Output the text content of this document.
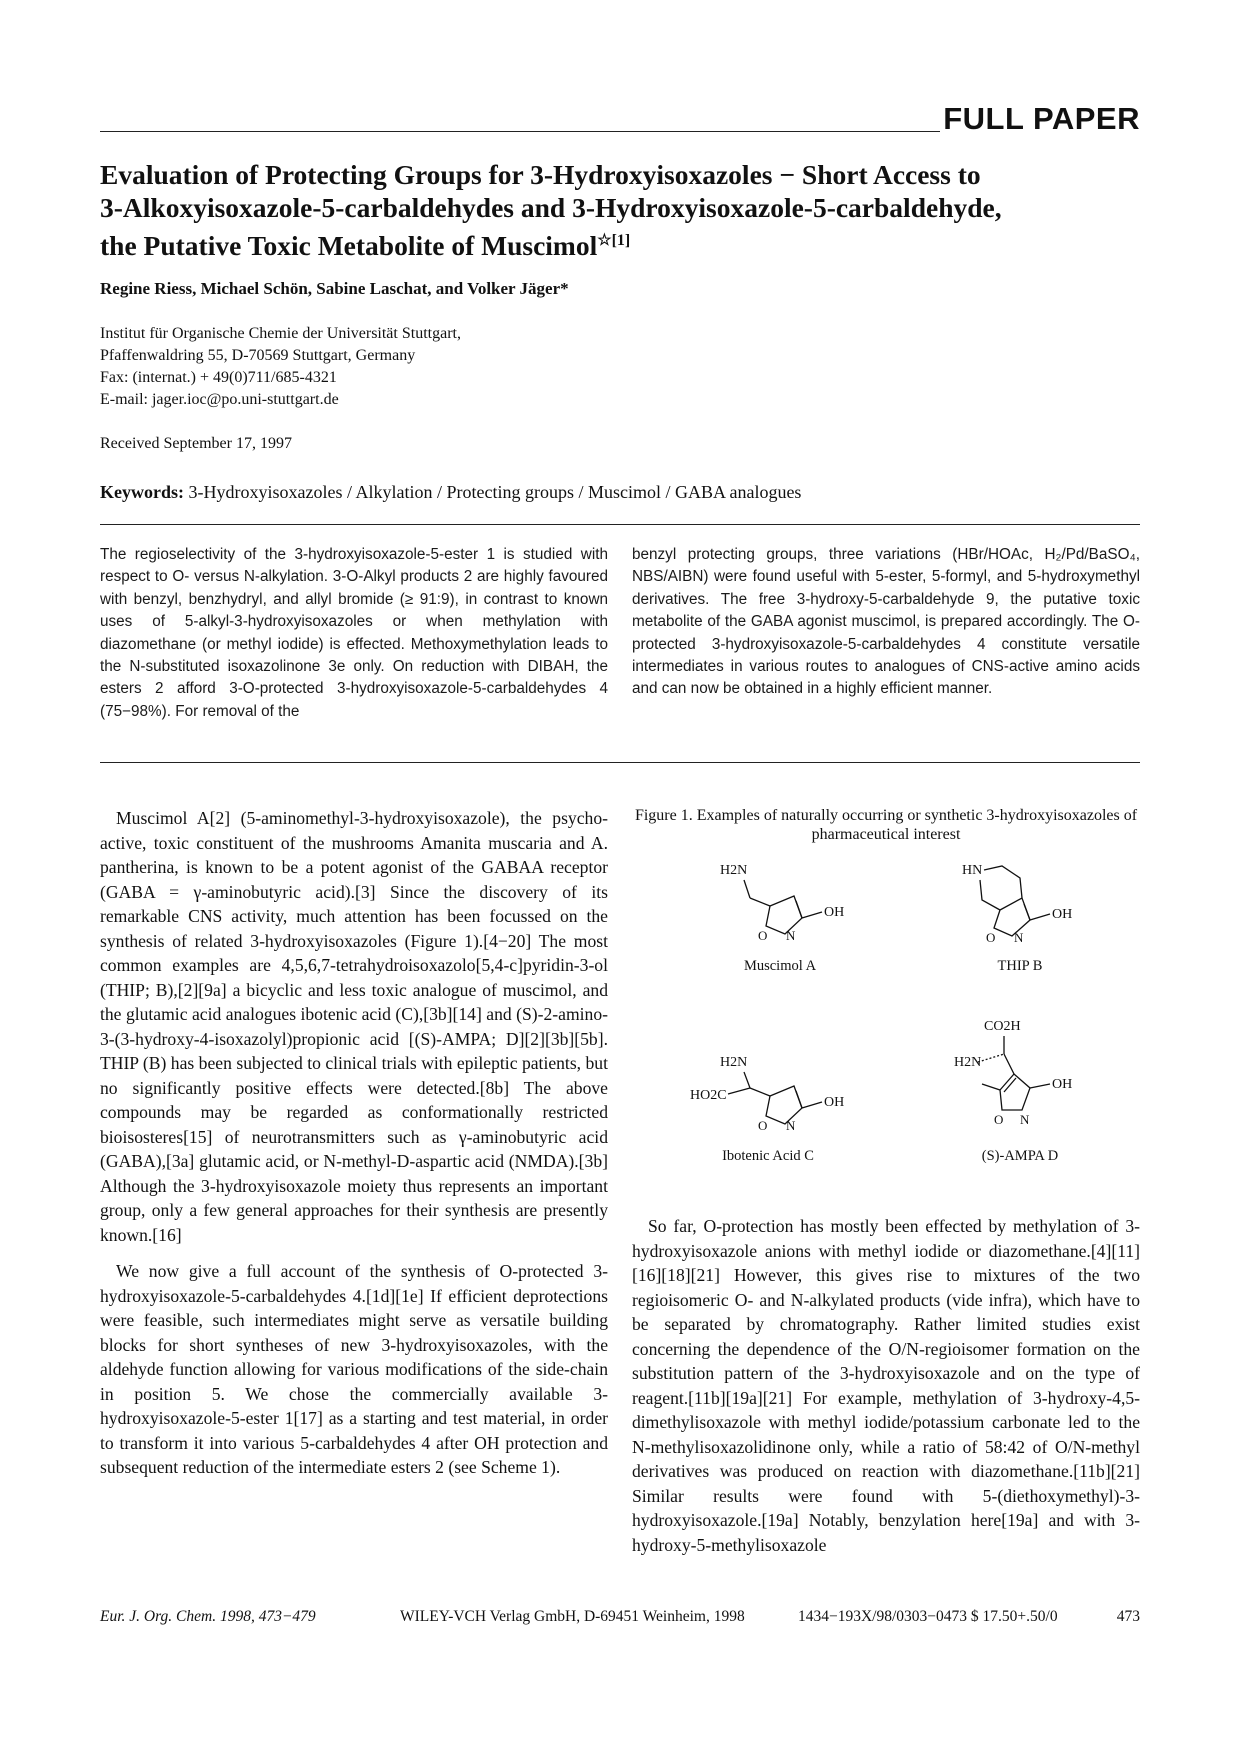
FULL PAPER
Evaluation of Protecting Groups for 3-Hydroxyisoxazoles − Short Access to
3-Alkoxyisoxazole-5-carbaldehydes and 3-Hydroxyisoxazole-5-carbaldehyde,
the Putative Toxic Metabolite of Muscimol$^{☆[1]}$
Regine Riess, Michael Schön, Sabine Laschat, and Volker Jäger*
Institut für Organische Chemie der Universität Stuttgart,
Pfaffenwaldring 55, D-70569 Stuttgart, Germany
Fax: (internat.) + 49(0)711/685-4321
E-mail: jager.ioc@po.uni-stuttgart.de
Received September 17, 1997
Keywords: 3-Hydroxyisoxazoles / Alkylation / Protecting groups / Muscimol / GABA analogues
The regioselectivity of the 3-hydroxyisoxazole-5-ester 1 is studied with respect to O- versus N-alkylation. 3-O-Alkyl products 2 are highly favoured with benzyl, benzhydryl, and allyl bromide (≥ 91:9), in contrast to known uses of 5-alkyl-3-hydroxyisoxazoles or when methylation with diazomethane (or methyl iodide) is effected. Methoxymethylation leads to the N-substituted isoxazolinone 3e only. On reduction with DIBAH, the esters 2 afford 3-O-protected 3-hydroxyisoxazole-5-carbaldehydes 4 (75−98%). For removal of the
benzyl protecting groups, three variations (HBr/HOAc, H₂/Pd/BaSO₄, NBS/AIBN) were found useful with 5-ester, 5-formyl, and 5-hydroxymethyl derivatives. The free 3-hydroxy-5-carbaldehyde 9, the putative toxic metabolite of the GABA agonist muscimol, is prepared accordingly. The O-protected 3-hydroxyisoxazole-5-carbaldehydes 4 constitute versatile intermediates in various routes to analogues of CNS-active amino acids and can now be obtained in a highly efficient manner.

Muscimol A[2] (5-aminomethyl-3-hydroxyisoxazole), the psycho-active, toxic constituent of the mushrooms Amanita muscaria and A. pantherina, is known to be a potent agonist of the GABAA receptor (GABA = γ-aminobutyric acid).[3] Since the discovery of its remarkable CNS activity, much attention has been focussed on the synthesis of related 3-hydroxyisoxazoles (Figure 1).[4−20] The most common examples are 4,5,6,7-tetrahydroisoxazolo[5,4-c]pyridin-3-ol (THIP; B),[2][9a] a bicyclic and less toxic analogue of muscimol, and the glutamic acid analogues ibotenic acid (C),[3b][14] and (S)-2-amino-3-(3-hydroxy-4-isoxazolyl)propionic acid [(S)-AMPA; D][2][3b][5b]. THIP (B) has been subjected to clinical trials with epileptic patients, but no significantly positive effects were detected.[8b] The above compounds may be regarded as conformationally restricted bioisosteres[15] of neurotransmitters such as γ-aminobutyric acid (GABA),[3a] glutamic acid, or N-methyl-D-aspartic acid (NMDA).[3b] Although the 3-hydroxyisoxazole moiety thus represents an important group, only a few general approaches for their synthesis are presently known.[16]

We now give a full account of the synthesis of O-protected 3-hydroxyisoxazole-5-carbaldehydes 4.[1d][1e] If efficient deprotections were feasible, such intermediates might serve as versatile building blocks for short syntheses of new 3-hydroxyisoxazoles, with the aldehyde function allowing for various modifications of the side-chain in position 5. We chose the commercially available 3-hydroxyisoxazole-5-ester 1[17] as a starting and test material, in order to transform it into various 5-carbaldehydes 4 after OH protection and subsequent reduction of the intermediate esters 2 (see Scheme 1).

Figure 1. Examples of naturally occurring or synthetic 3-hydroxyisoxazoles of pharmaceutical interest
H2N
OH
O N
HN
OH
O N
H2N
HO2C	OH
O N
CO2H
H2N
OH
O N
Muscimol A	THIP B
Ibotenic Acid C	(S)-AMPA D

So far, O-protection has mostly been effected by methylation of 3-hydroxyisoxazole anions with methyl iodide or diazomethane.[4][11][16][18][21] However, this gives rise to mixtures of the two regioisomeric O- and N-alkylated products (vide infra), which have to be separated by chromatography. Rather limited studies exist concerning the dependence of the O/N-regioisomer formation on the substitution pattern of the 3-hydroxyisoxazole and on the type of reagent.[11b][19a][21] For example, methylation of 3-hydroxy-4,5-dimethylisoxazole with methyl iodide/potassium carbonate led to the N-methylisoxazolidinone only, while a ratio of 58:42 of O/N-methyl derivatives was produced on reaction with diazomethane.[11b][21] Similar results were found with 5-(diethoxymethyl)-3-hydroxyisoxazole.[19a] Notably, benzylation here[19a] and with 3-hydroxy-5-methylisoxazole

Eur. J. Org. Chem. 1998, 473−479	WILEY-VCH Verlag GmbH, D-69451 Weinheim, 1998	1434−193X/98/0303−0473 $ 17.50+.50/0	473
